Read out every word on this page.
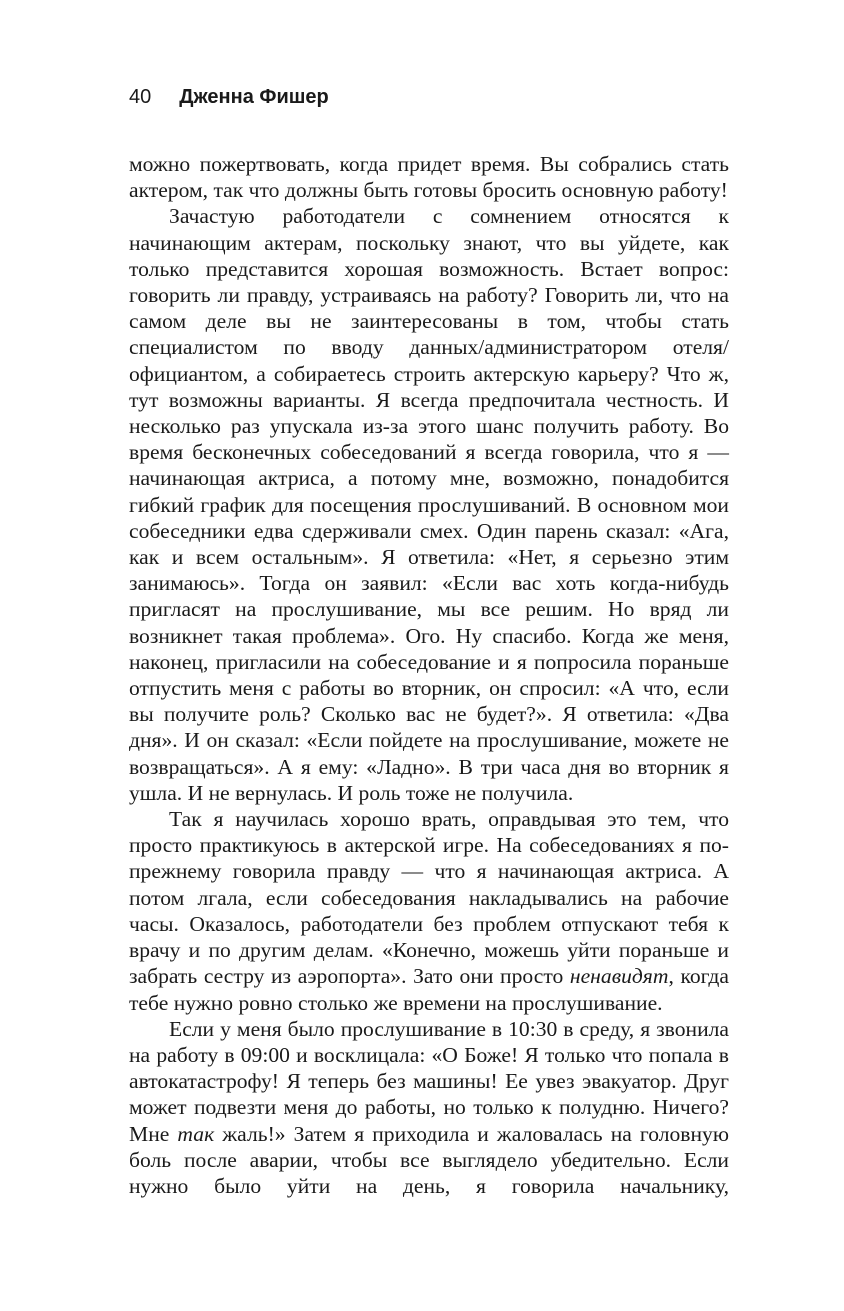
40 Дженна Фишер

можно пожертвовать, когда придет время. Вы собрались стать актером, так что должны быть готовы бросить основную работу!

Зачастую работодатели с сомнением относятся к начинающим актерам, поскольку знают, что вы уйдете, как только представится хорошая возможность. Встает вопрос: говорить ли правду, устраиваясь на работу? Говорить ли, что на самом деле вы не заинтересованы в том, чтобы стать специалистом по вводу данных/администратором отеля/официантом, а собираетесь строить актерскую карьеру? Что ж, тут возможны варианты. Я всегда предпочитала честность. И несколько раз упускала из-за этого шанс получить работу. Во время бесконечных собеседований я всегда говорила, что я — начинающая актриса, а потому мне, возможно, понадобится гибкий график для посещения прослушиваний. В основном мои собеседники едва сдерживали смех. Один парень сказал: «Ага, как и всем остальным». Я ответила: «Нет, я серьезно этим занимаюсь». Тогда он заявил: «Если вас хоть когда-нибудь пригласят на прослушивание, мы все решим. Но вряд ли возникнет такая проблема». Ого. Ну спасибо. Когда же меня, наконец, пригласили на собеседование и я попросила пораньше отпустить меня с работы во вторник, он спросил: «А что, если вы получите роль? Сколько вас не будет?». Я ответила: «Два дня». И он сказал: «Если пойдете на прослушивание, можете не возвращаться». А я ему: «Ладно». В три часа дня во вторник я ушла. И не вернулась. И роль тоже не получила.

Так я научилась хорошо врать, оправдывая это тем, что просто практикуюсь в актерской игре. На собеседованиях я по-прежнему говорила правду — что я начинающая актриса. А потом лгала, если собеседования накладывались на рабочие часы. Оказалось, работодатели без проблем отпускают тебя к врачу и по другим делам. «Конечно, можешь уйти пораньше и забрать сестру из аэропорта». Зато они просто ненавидят, когда тебе нужно ровно столько же времени на прослушивание.

Если у меня было прослушивание в 10:30 в среду, я звонила на работу в 09:00 и восклицала: «О Боже! Я только что попала в автокатастрофу! Я теперь без машины! Ее увез эвакуатор. Друг может подвезти меня до работы, но только к полудню. Ничего? Мне так жаль!» Затем я приходила и жаловалась на головную боль после аварии, чтобы все выглядело убедительно. Если нужно было уйти на день, я говорила начальнику,
